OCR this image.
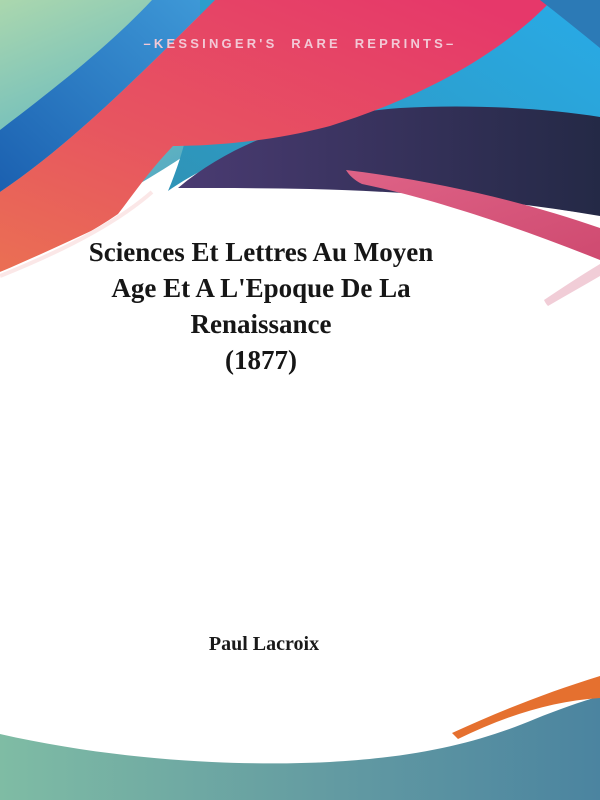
–KESSINGER'S RARE REPRINTS–
Sciences Et Lettres Au Moyen
Age Et A L'Epoque De La
Renaissance
(1877)
Paul Lacroix
